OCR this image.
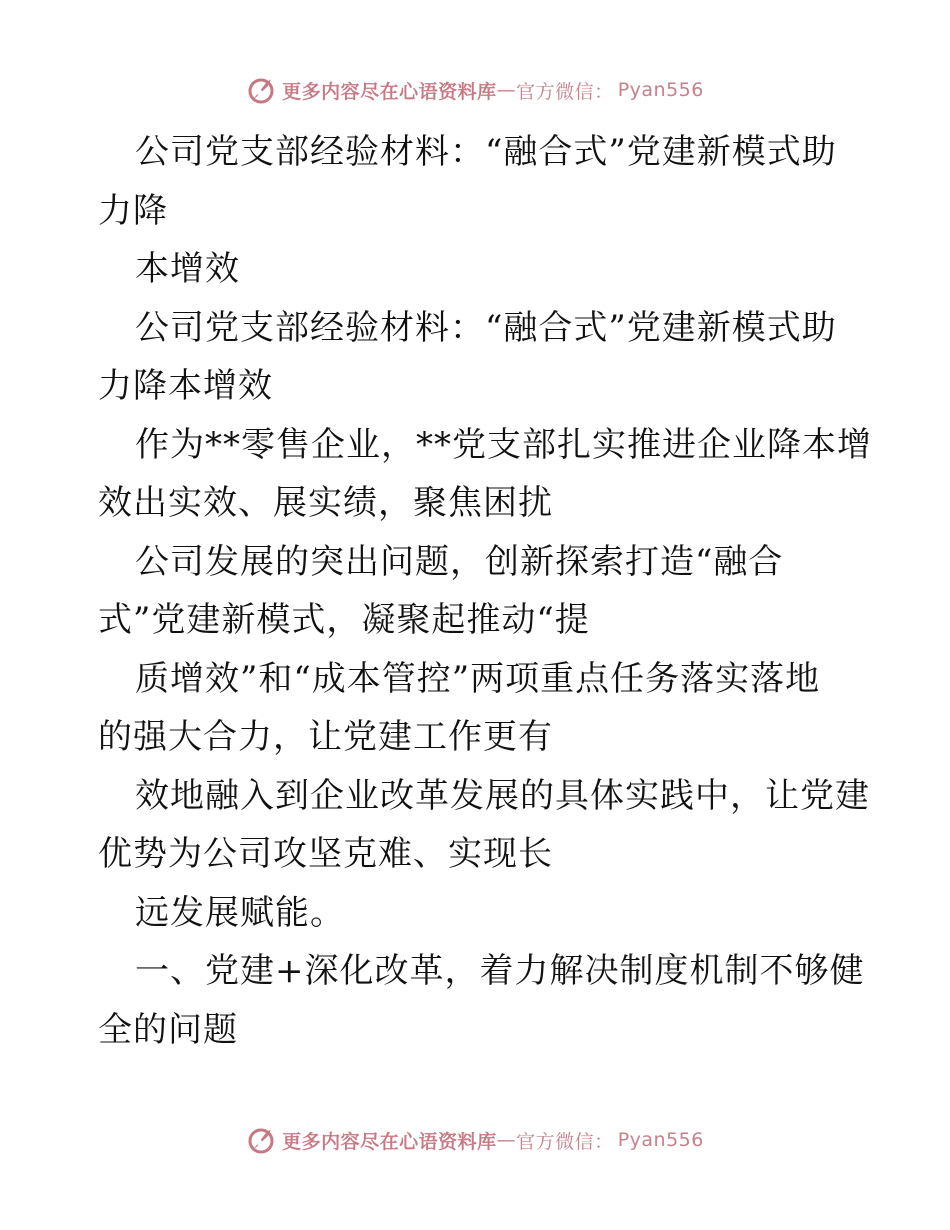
更多内容尽在心语资料库 — 官方微信： Pyan556
公司党支部经验材料：“融合式”党建新模式助
力降
本增效
公司党支部经验材料：“融合式”党建新模式助
力降本增效
作为**零售企业，**党支部扎实推进企业降本增
效出实效、展实绩，聚焦困扰
公司发展的突出问题，创新探索打造“融合
式”党建新模式，凝聚起推动“提
质增效”和“成本管控”两项重点任务落实落地
的强大合力，让党建工作更有
效地融入到企业改革发展的具体实践中，让党建
优势为公司攻坚克难、实现长
远发展赋能。
一、党建+深化改革，着力解决制度机制不够健
全的问题
更多内容尽在心语资料库 — 官方微信： Pyan556
